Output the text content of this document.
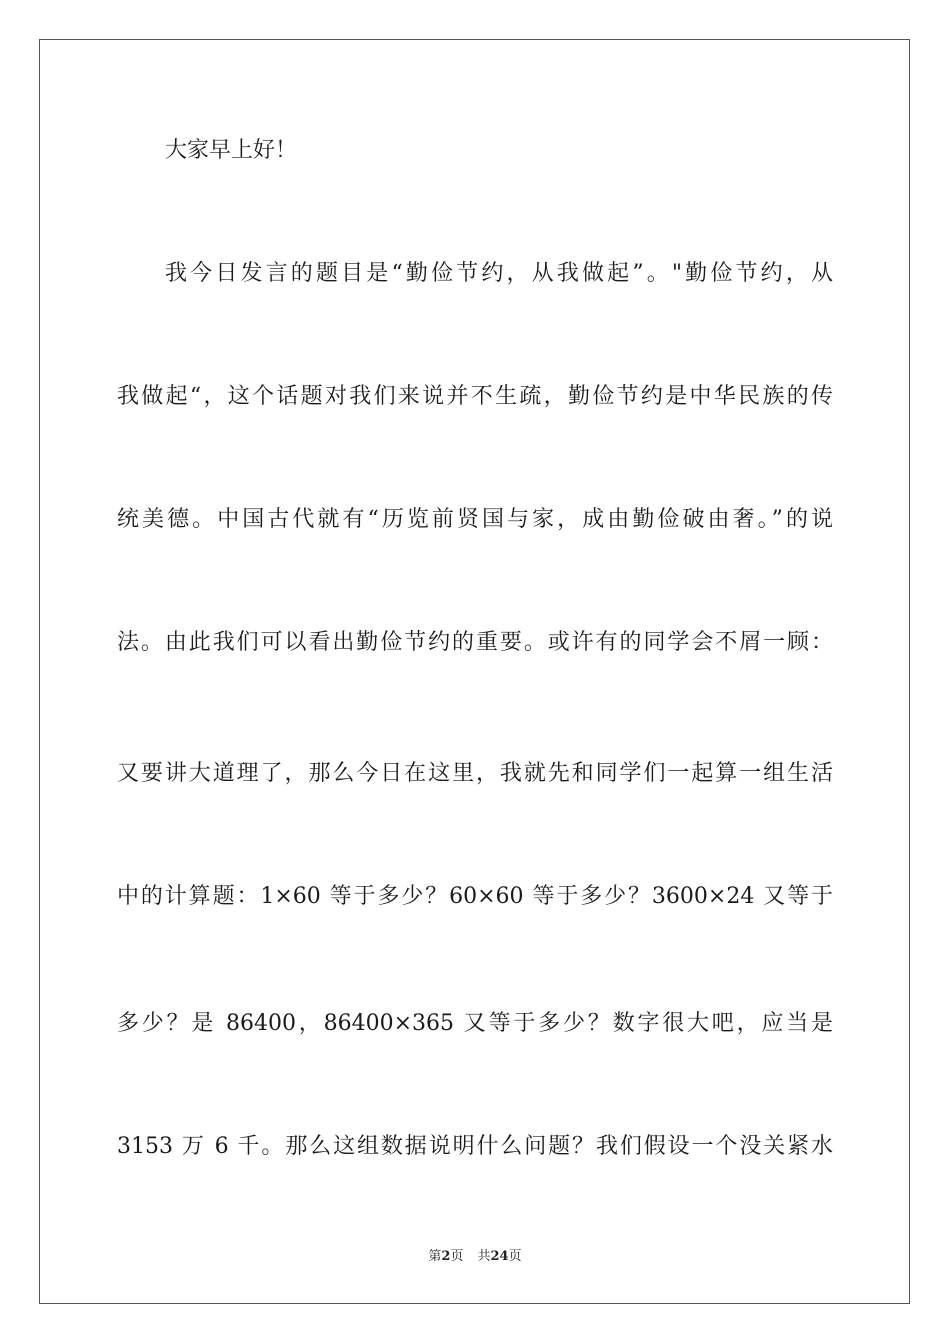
大家早上好！
我今日发言的题目是“勤俭节约，从我做起”。"勤俭节约，从
我做起“，这个话题对我们来说并不生疏，勤俭节约是中华民族的传
统美德。中国古代就有“历览前贤国与家，成由勤俭破由奢。”的说
法。由此我们可以看出勤俭节约的重要。或许有的同学会不屑一顾：
又要讲大道理了，那么今日在这里，我就先和同学们一起算一组生活
中的计算题：1×60 等于多少？60×60 等于多少？3600×24 又等于
多少？是 86400，86400×365 又等于多少？数字很大吧，应当是
3153 万 6 千。那么这组数据说明什么问题？我们假设一个没关紧水
第2页 共24页
